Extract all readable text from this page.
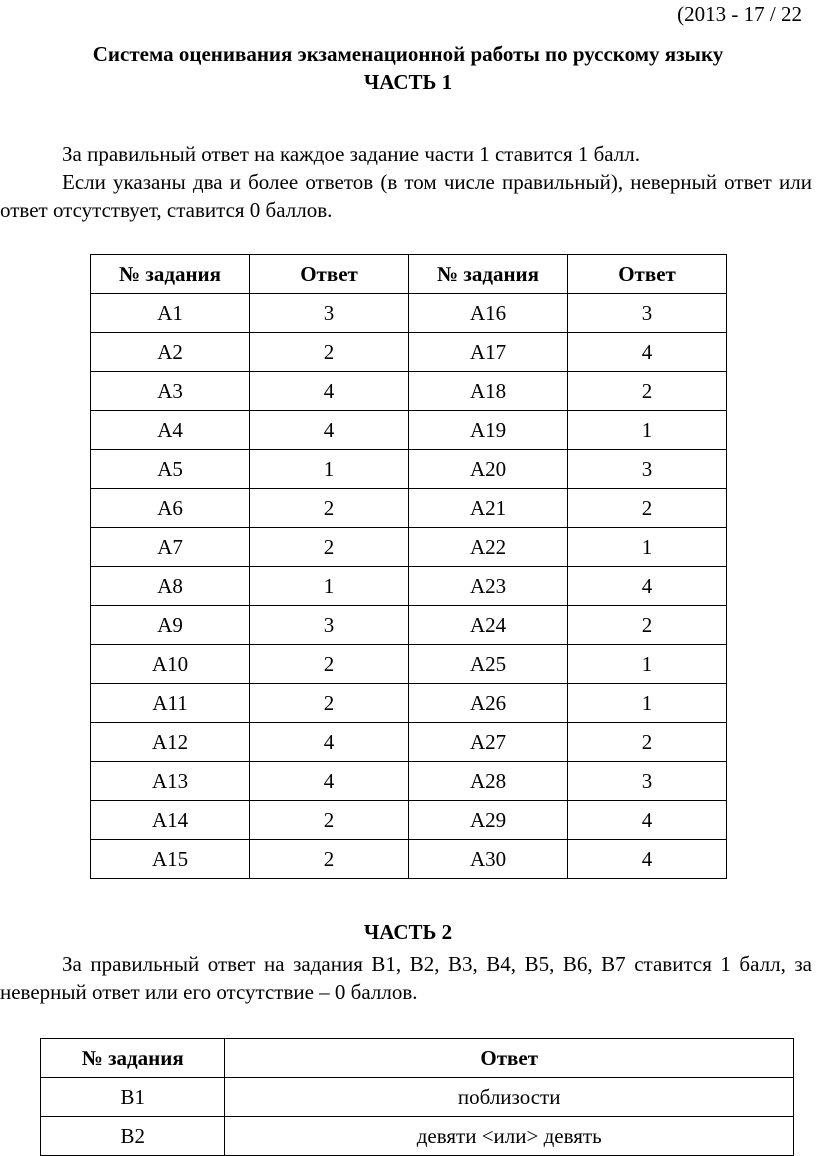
(2013 - 17 / 22
Система оценивания экзаменационной работы по русскому языку
ЧАСТЬ 1

За правильный ответ на каждое задание части 1 ставится 1 балл.

Если указаны два и более ответов (в том числе правильный), неверный ответ или ответ отсутствует, ставится 0 баллов.

№ задания	Ответ	№ задания	Ответ
А1	3	А16	3
А2	2	А17	4
А3	4	А18	2
А4	4	А19	1
А5	1	А20	3
А6	2	А21	2
А7	2	А22	1
А8	1	А23	4
А9	3	А24	2
А10	2	А25	1
А11	2	А26	1
А12	4	А27	2
А13	4	А28	3
А14	2	А29	4
А15	2	А30	4
ЧАСТЬ 2

За правильный ответ на задания В1, В2, В3, В4, В5, В6, В7 ставится 1 балл, за неверный ответ или его отсутствие – 0 баллов.

№ задания	Ответ
В1	поблизости
В2	девяти <или> девять
